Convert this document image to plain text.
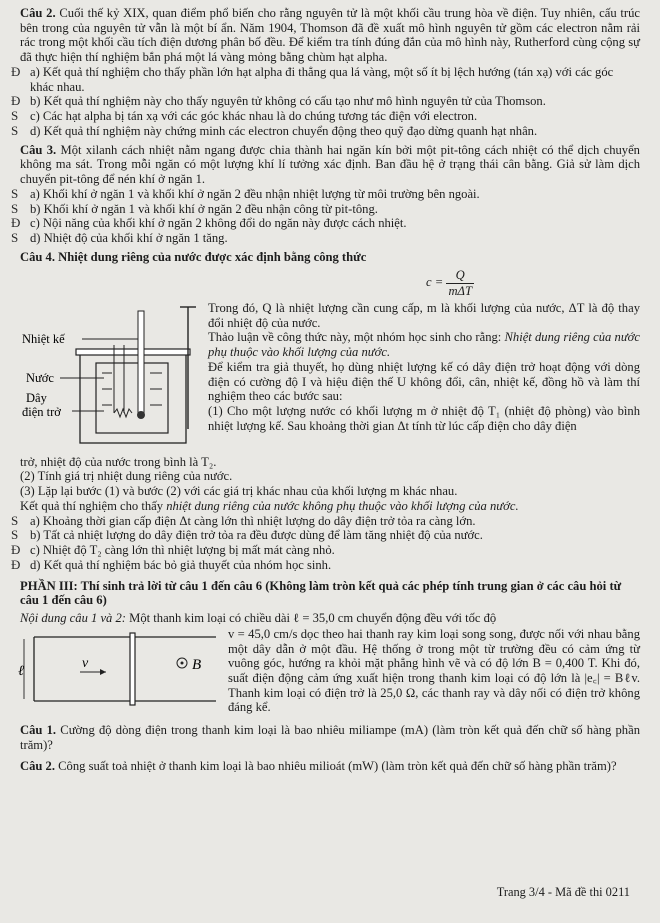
Câu 2. Cuối thế kỷ XIX, quan điểm phổ biến cho rằng nguyên tử là một khối cầu trung hòa về điện. Tuy nhiên, cấu trúc bên trong của nguyên tử vẫn là một bí ẩn. Năm 1904, Thomson đã đề xuất mô hình nguyên tử gồm các electron nằm rải rác trong một khối cầu tích điện dương phân bố đều. Để kiểm tra tính đúng đắn của mô hình này, Rutherford cùng cộng sự đã thực hiện thí nghiệm bắn phá một lá vàng mỏng bằng chùm hạt alpha.

Đ a) Kết quả thí nghiệm cho thấy phần lớn hạt alpha đi thẳng qua lá vàng, một số ít bị lệch hướng (tán xạ) với các góc khác nhau.

Đ b) Kết quả thí nghiệm này cho thấy nguyên tử không có cấu tạo như mô hình nguyên tử của Thomson.

S c) Các hạt alpha bị tán xạ với các góc khác nhau là do chúng tương tác điện với electron.

S d) Kết quả thí nghiệm này chứng minh các electron chuyển động theo quỹ đạo dừng quanh hạt nhân.

Câu 3. Một xilanh cách nhiệt nằm ngang được chia thành hai ngăn kín bởi một pit-tông cách nhiệt có thể dịch chuyển không ma sát. Trong mỗi ngăn có một lượng khí lí tưởng xác định. Ban đầu hệ ở trạng thái cân bằng. Giả sử làm dịch chuyển pit-tông để nén khí ở ngăn 1.

S a) Khối khí ở ngăn 1 và khối khí ở ngăn 2 đều nhận nhiệt lượng từ môi trường bên ngoài.

S b) Khối khí ở ngăn 1 và khối khí ở ngăn 2 đều nhận công từ pit-tông.

Đ c) Nội năng của khối khí ở ngăn 2 không đổi do ngăn này được cách nhiệt.

S d) Nhiệt độ của khối khí ở ngăn 1 tăng.

Câu 4. Nhiệt dung riêng của nước được xác định bằng công thức

$c = \frac{Q}{\text{mΔT}}$
Nhiệt kế
Nước
Dây
điện trở

Trong đó, Q là nhiệt lượng cần cung cấp, m là khối lượng của nước, ΔT là độ thay đổi nhiệt độ của nước.

Thảo luận về công thức này, một nhóm học sinh cho rằng: Nhiệt dung riêng của nước phụ thuộc vào khối lượng của nước.

Để kiểm tra giả thuyết, họ dùng nhiệt lượng kế có dây điện trở hoạt động với dòng điện có cường độ I và hiệu điện thế U không đổi, cân, nhiệt kế, đồng hồ và làm thí nghiệm theo các bước sau:

(1) Cho một lượng nước có khối lượng m ở nhiệt độ T₁ (nhiệt độ phòng) vào bình nhiệt lượng kế. Sau khoảng thời gian Δt tính từ lúc cấp điện cho dây điện

trở, nhiệt độ của nước trong bình là T₂.

(2) Tính giá trị nhiệt dung riêng của nước.

(3) Lặp lại bước (1) và bước (2) với các giá trị khác nhau của khối lượng m khác nhau.

Kết quả thí nghiệm cho thấy nhiệt dung riêng của nước không phụ thuộc vào khối lượng của nước.

S a) Khoảng thời gian cấp điện Δt càng lớn thì nhiệt lượng do dây điện trở tỏa ra càng lớn.

S b) Tất cả nhiệt lượng do dây điện trở tỏa ra đều được dùng để làm tăng nhiệt độ của nước.

Đ c) Nhiệt độ T₂ càng lớn thì nhiệt lượng bị mất mát càng nhỏ.

Đ d) Kết quả thí nghiệm bác bỏ giả thuyết của nhóm học sinh.

PHẦN III: Thí sinh trả lời từ câu 1 đến câu 6 (Không làm tròn kết quả các phép tính trung gian ở các câu hỏi từ câu 1 đến câu 6)

Nội dung câu 1 và 2: Một thanh kim loại có chiều dài ℓ = 35,0 cm chuyển động đều với tốc độ

ℓ
v⃗	B⃗

v = 45,0 cm/s dọc theo hai thanh ray kim loại song song, được nối với nhau bằng một dây dẫn ở một đầu. Hệ thống ở trong một từ trường đều có cảm ứng từ vuông góc, hướng ra khỏi mặt phẳng hình vẽ và có độ lớn B = 0,400 T. Khi đó, suất điện động cảm ứng xuất hiện trong thanh kim loại có độ lớn là |e꜀| = Bℓv. Thanh kim loại có điện trở là 25,0 Ω, các thanh ray và dây nối có điện trở không đáng kể.

Câu 1. Cường độ dòng điện trong thanh kim loại là bao nhiêu miliampe (mA) (làm tròn kết quả đến chữ số hàng phần trăm)?

Câu 2. Công suất toả nhiệt ở thanh kim loại là bao nhiêu milioát (mW) (làm tròn kết quả đến chữ số hàng phần trăm)?

Trang 3/4 - Mã đề thi 0211
